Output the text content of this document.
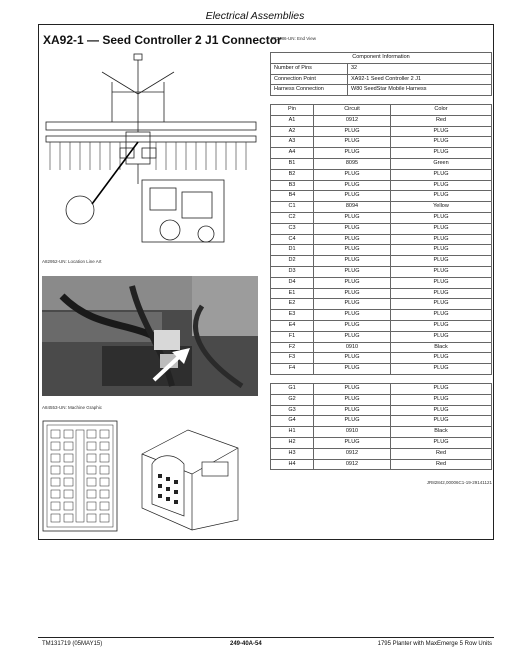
Electrical Assemblies
XA92-1 — Seed Controller 2 J1 Connector
E72486-UN: End View
A82952-UN: Location Line Art
A84553-UN: Machine Graphic
Component Information	
Number of Pins	32
Connection Point	XA92-1 Seed Controller 2 J1
Harness Connection	W80 SeedStar Mobile Harness
Pin	Circuit	Color
A1	0912	Red
A2	PLUG	PLUG
A3	PLUG	PLUG
A4	PLUG	PLUG
B1	8095	Green
B2	PLUG	PLUG
B3	PLUG	PLUG
B4	PLUG	PLUG
C1	8094	Yellow
C2	PLUG	PLUG
C3	PLUG	PLUG
C4	PLUG	PLUG
D1	PLUG	PLUG
D2	PLUG	PLUG
D3	PLUG	PLUG
D4	PLUG	PLUG
E1	PLUG	PLUG
E2	PLUG	PLUG
E3	PLUG	PLUG
E4	PLUG	PLUG
F1	PLUG	PLUG
F2	0910	Black
F3	PLUG	PLUG
F4	PLUG	PLUG
G1	PLUG	PLUG
G2	PLUG	PLUG
G3	PLUG	PLUG
G4	PLUG	PLUG
H1	0910	Black
H2	PLUG	PLUG
H3	0912	Red
H4	0912	Red
JR82842,00006C1-19-29141121
TM131719 (05MAY15)	249-40A-54	1795 Planter with MaxEmerge 5 Row Units
